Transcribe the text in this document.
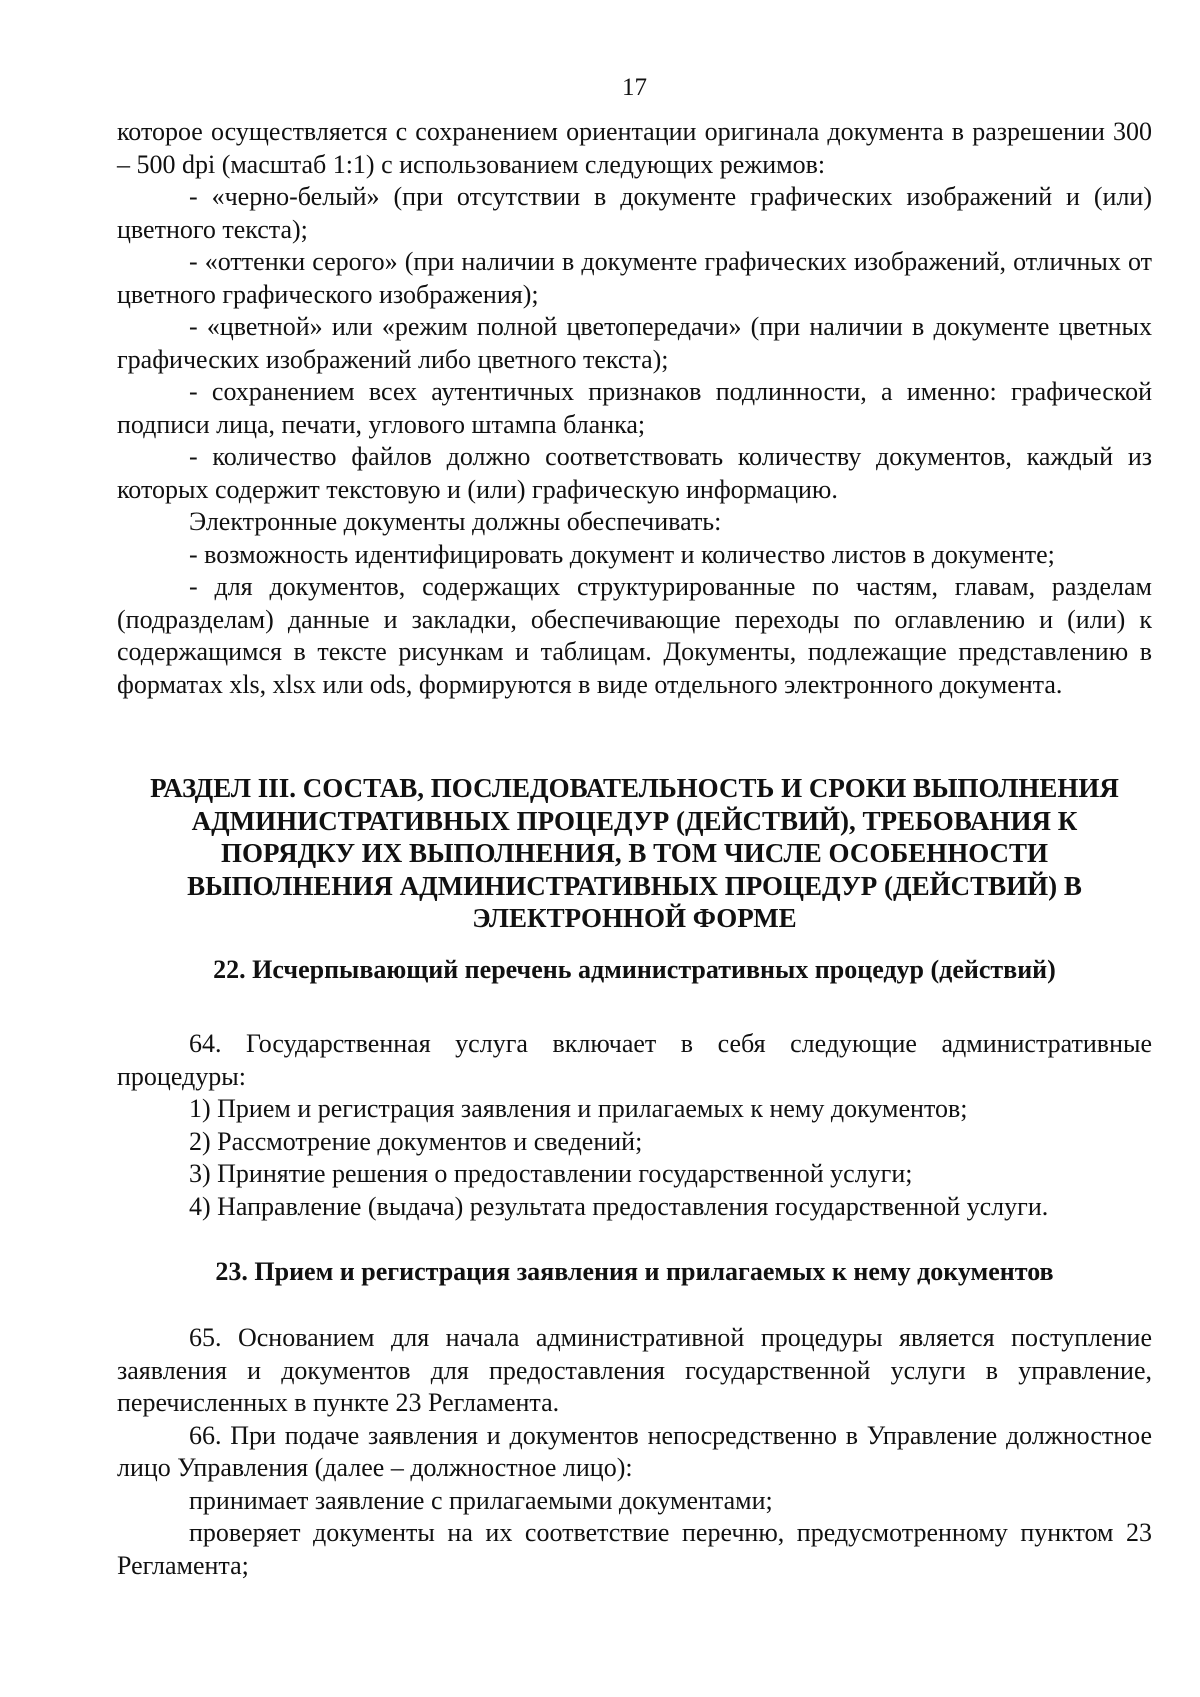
17

которое осуществляется с сохранением ориентации оригинала документа в разрешении 300 – 500 dpi (масштаб 1:1) с использованием следующих режимов:

- «черно-белый» (при отсутствии в документе графических изображений и (или) цветного текста);

- «оттенки серого» (при наличии в документе графических изображений, отличных от цветного графического изображения);

- «цветной» или «режим полной цветопередачи» (при наличии в документе цветных графических изображений либо цветного текста);

- сохранением всех аутентичных признаков подлинности, а именно: графической подписи лица, печати, углового штампа бланка;

- количество файлов должно соответствовать количеству документов, каждый из которых содержит текстовую и (или) графическую информацию.

Электронные документы должны обеспечивать:

- возможность идентифицировать документ и количество листов в документе;

- для документов, содержащих структурированные по частям, главам, разделам (подразделам) данные и закладки, обеспечивающие переходы по оглавлению и (или) к содержащимся в тексте рисункам и таблицам. Документы, подлежащие представлению в форматах xls, xlsx или ods, формируются в виде отдельного электронного документа.

РАЗДЕЛ III. СОСТАВ, ПОСЛЕДОВАТЕЛЬНОСТЬ И СРОКИ ВЫПОЛНЕНИЯ
АДМИНИСТРАТИВНЫХ ПРОЦЕДУР (ДЕЙСТВИЙ), ТРЕБОВАНИЯ К
ПОРЯДКУ ИХ ВЫПОЛНЕНИЯ, В ТОМ ЧИСЛЕ ОСОБЕННОСТИ
ВЫПОЛНЕНИЯ АДМИНИСТРАТИВНЫХ ПРОЦЕДУР (ДЕЙСТВИЙ) В
ЭЛЕКТРОННОЙ ФОРМЕ
22. Исчерпывающий перечень административных процедур (действий)

64. Государственная услуга включает в себя следующие административные процедуры:

1) Прием и регистрация заявления и прилагаемых к нему документов;

2) Рассмотрение документов и сведений;

3) Принятие решения о предоставлении государственной услуги;

4) Направление (выдача) результата предоставления государственной услуги.

23. Прием и регистрация заявления и прилагаемых к нему документов

65. Основанием для начала административной процедуры является поступление заявления и документов для предоставления государственной услуги в управление, перечисленных в пункте 23 Регламента.

66. При подаче заявления и документов непосредственно в Управление должностное лицо Управления (далее – должностное лицо):

принимает заявление с прилагаемыми документами;

проверяет документы на их соответствие перечню, предусмотренному пунктом 23 Регламента;
